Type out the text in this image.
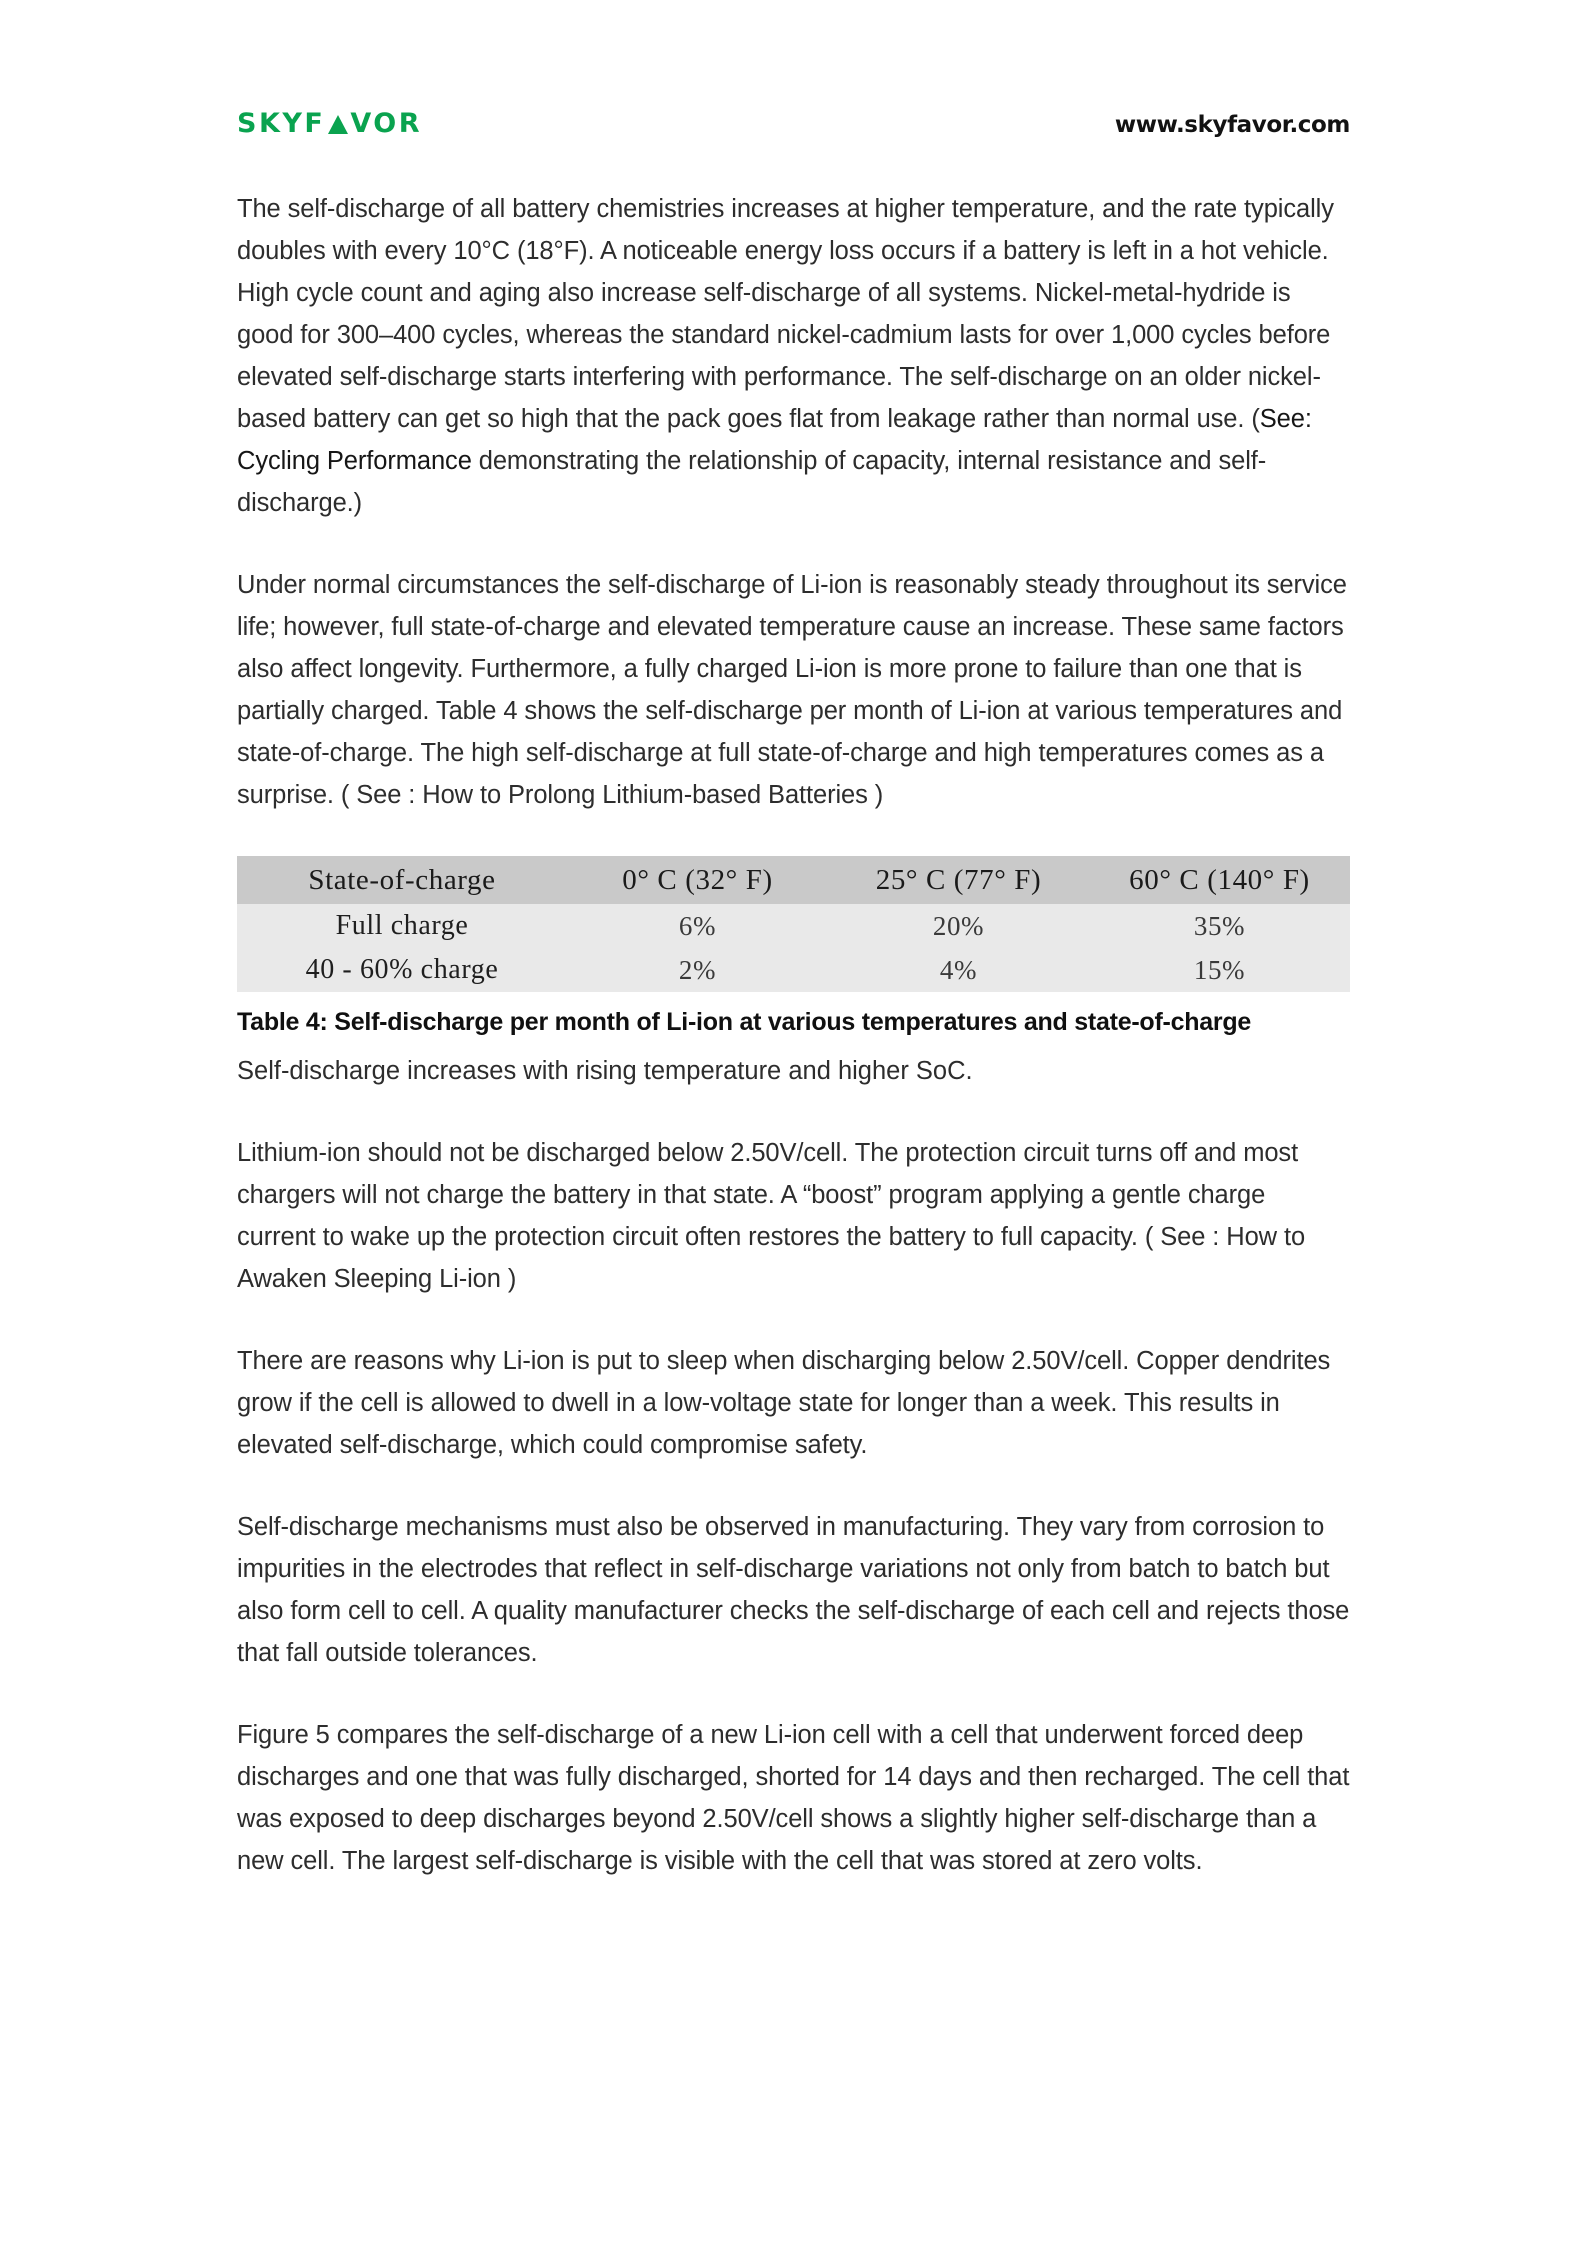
SKYF VOR	www.skyfavor.com

The self-discharge of all battery chemistries increases at higher temperature, and the rate typically doubles with every 10°C (18°F). A noticeable energy loss occurs if a battery is left in a hot vehicle. High cycle count and aging also increase self-discharge of all systems. Nickel-metal-hydride is good for 300–400 cycles, whereas the standard nickel-cadmium lasts for over 1,000 cycles before elevated self-discharge starts interfering with performance. The self-discharge on an older nickel-based battery can get so high that the pack goes flat from leakage rather than normal use. (See: Cycling Performance demonstrating the relationship of capacity, internal resistance and self-discharge.)

Under normal circumstances the self-discharge of Li-ion is reasonably steady throughout its service life; however, full state-of-charge and elevated temperature cause an increase. These same factors also affect longevity. Furthermore, a fully charged Li-ion is more prone to failure than one that is partially charged. Table 4 shows the self-discharge per month of Li-ion at various temperatures and state-of-charge. The high self-discharge at full state-of-charge and high temperatures comes as a surprise. ( See : How to Prolong Lithium-based Batteries )

State-of-charge	0° C (32° F)	25° C (77° F)	60° C (140° F)
Full charge	6%	20%	35%
40 - 60% charge	2%	4%	15%

Table 4: Self-discharge per month of Li-ion at various temperatures and state-of-charge

Self-discharge increases with rising temperature and higher SoC.

Lithium-ion should not be discharged below 2.50V/cell. The protection circuit turns off and most chargers will not charge the battery in that state. A “boost” program applying a gentle charge current to wake up the protection circuit often restores the battery to full capacity. ( See : How to Awaken Sleeping Li-ion )

There are reasons why Li-ion is put to sleep when discharging below 2.50V/cell. Copper dendrites grow if the cell is allowed to dwell in a low-voltage state for longer than a week. This results in elevated self-discharge, which could compromise safety.

Self-discharge mechanisms must also be observed in manufacturing. They vary from corrosion to impurities in the electrodes that reflect in self-discharge variations not only from batch to batch but also form cell to cell. A quality manufacturer checks the self-discharge of each cell and rejects those that fall outside tolerances.

Figure 5 compares the self-discharge of a new Li-ion cell with a cell that underwent forced deep discharges and one that was fully discharged, shorted for 14 days and then recharged. The cell that was exposed to deep discharges beyond 2.50V/cell shows a slightly higher self-discharge than a new cell. The largest self-discharge is visible with the cell that was stored at zero volts.
